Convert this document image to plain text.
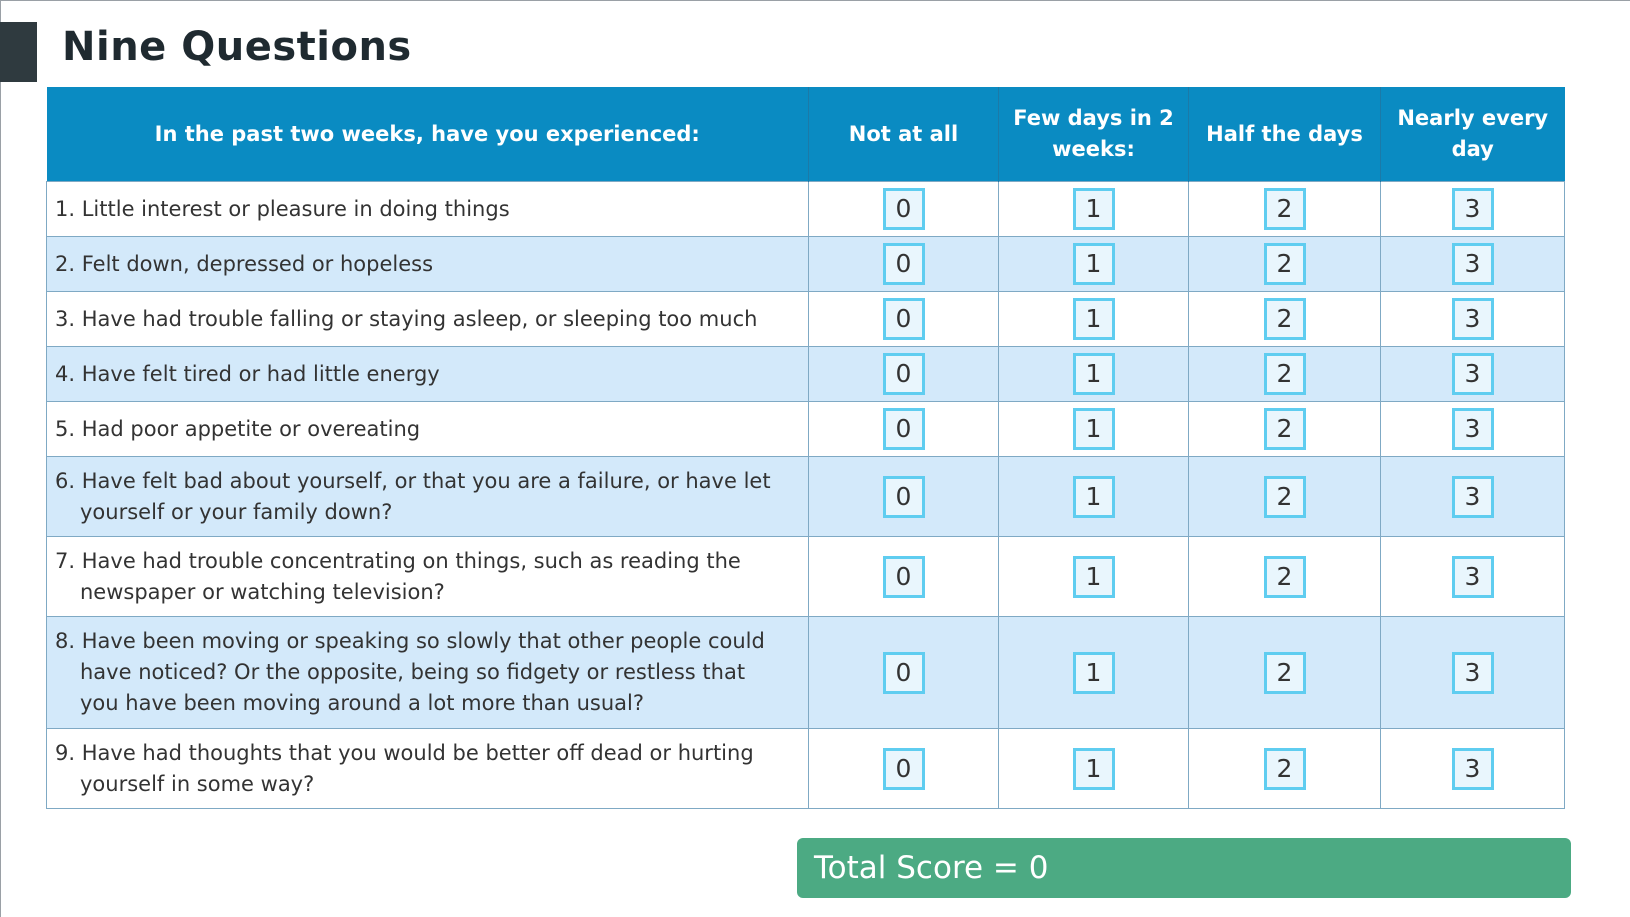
Nine Questions
In the past two weeks, have you experienced:	Not at all	Few days in 2 weeks:	Half the days	Nearly every day

1. Little interest or pleasure in doing things	0	1	2	3

2. Felt down, depressed or hopeless	0	1	2	3

3. Have had trouble falling or staying asleep, or sleeping too much	0	1	2	3

4. Have felt tired or had little energy	0	1	2	3

5. Had poor appetite or overeating	0	1	2	3

6. Have felt bad about yourself, or that you are a failure, or have let yourself or your family down?	0	1	2	3

7. Have had trouble concentrating on things, such as reading the newspaper or watching television?	0	1	2	3

8. Have been moving or speaking so slowly that other people could have noticed? Or the opposite, being so fidgety or restless that you have been moving around a lot more than usual?	0	1	2	3

9. Have had thoughts that you would be better off dead or hurting yourself in some way?	0	1	2	3
Total Score = 0
